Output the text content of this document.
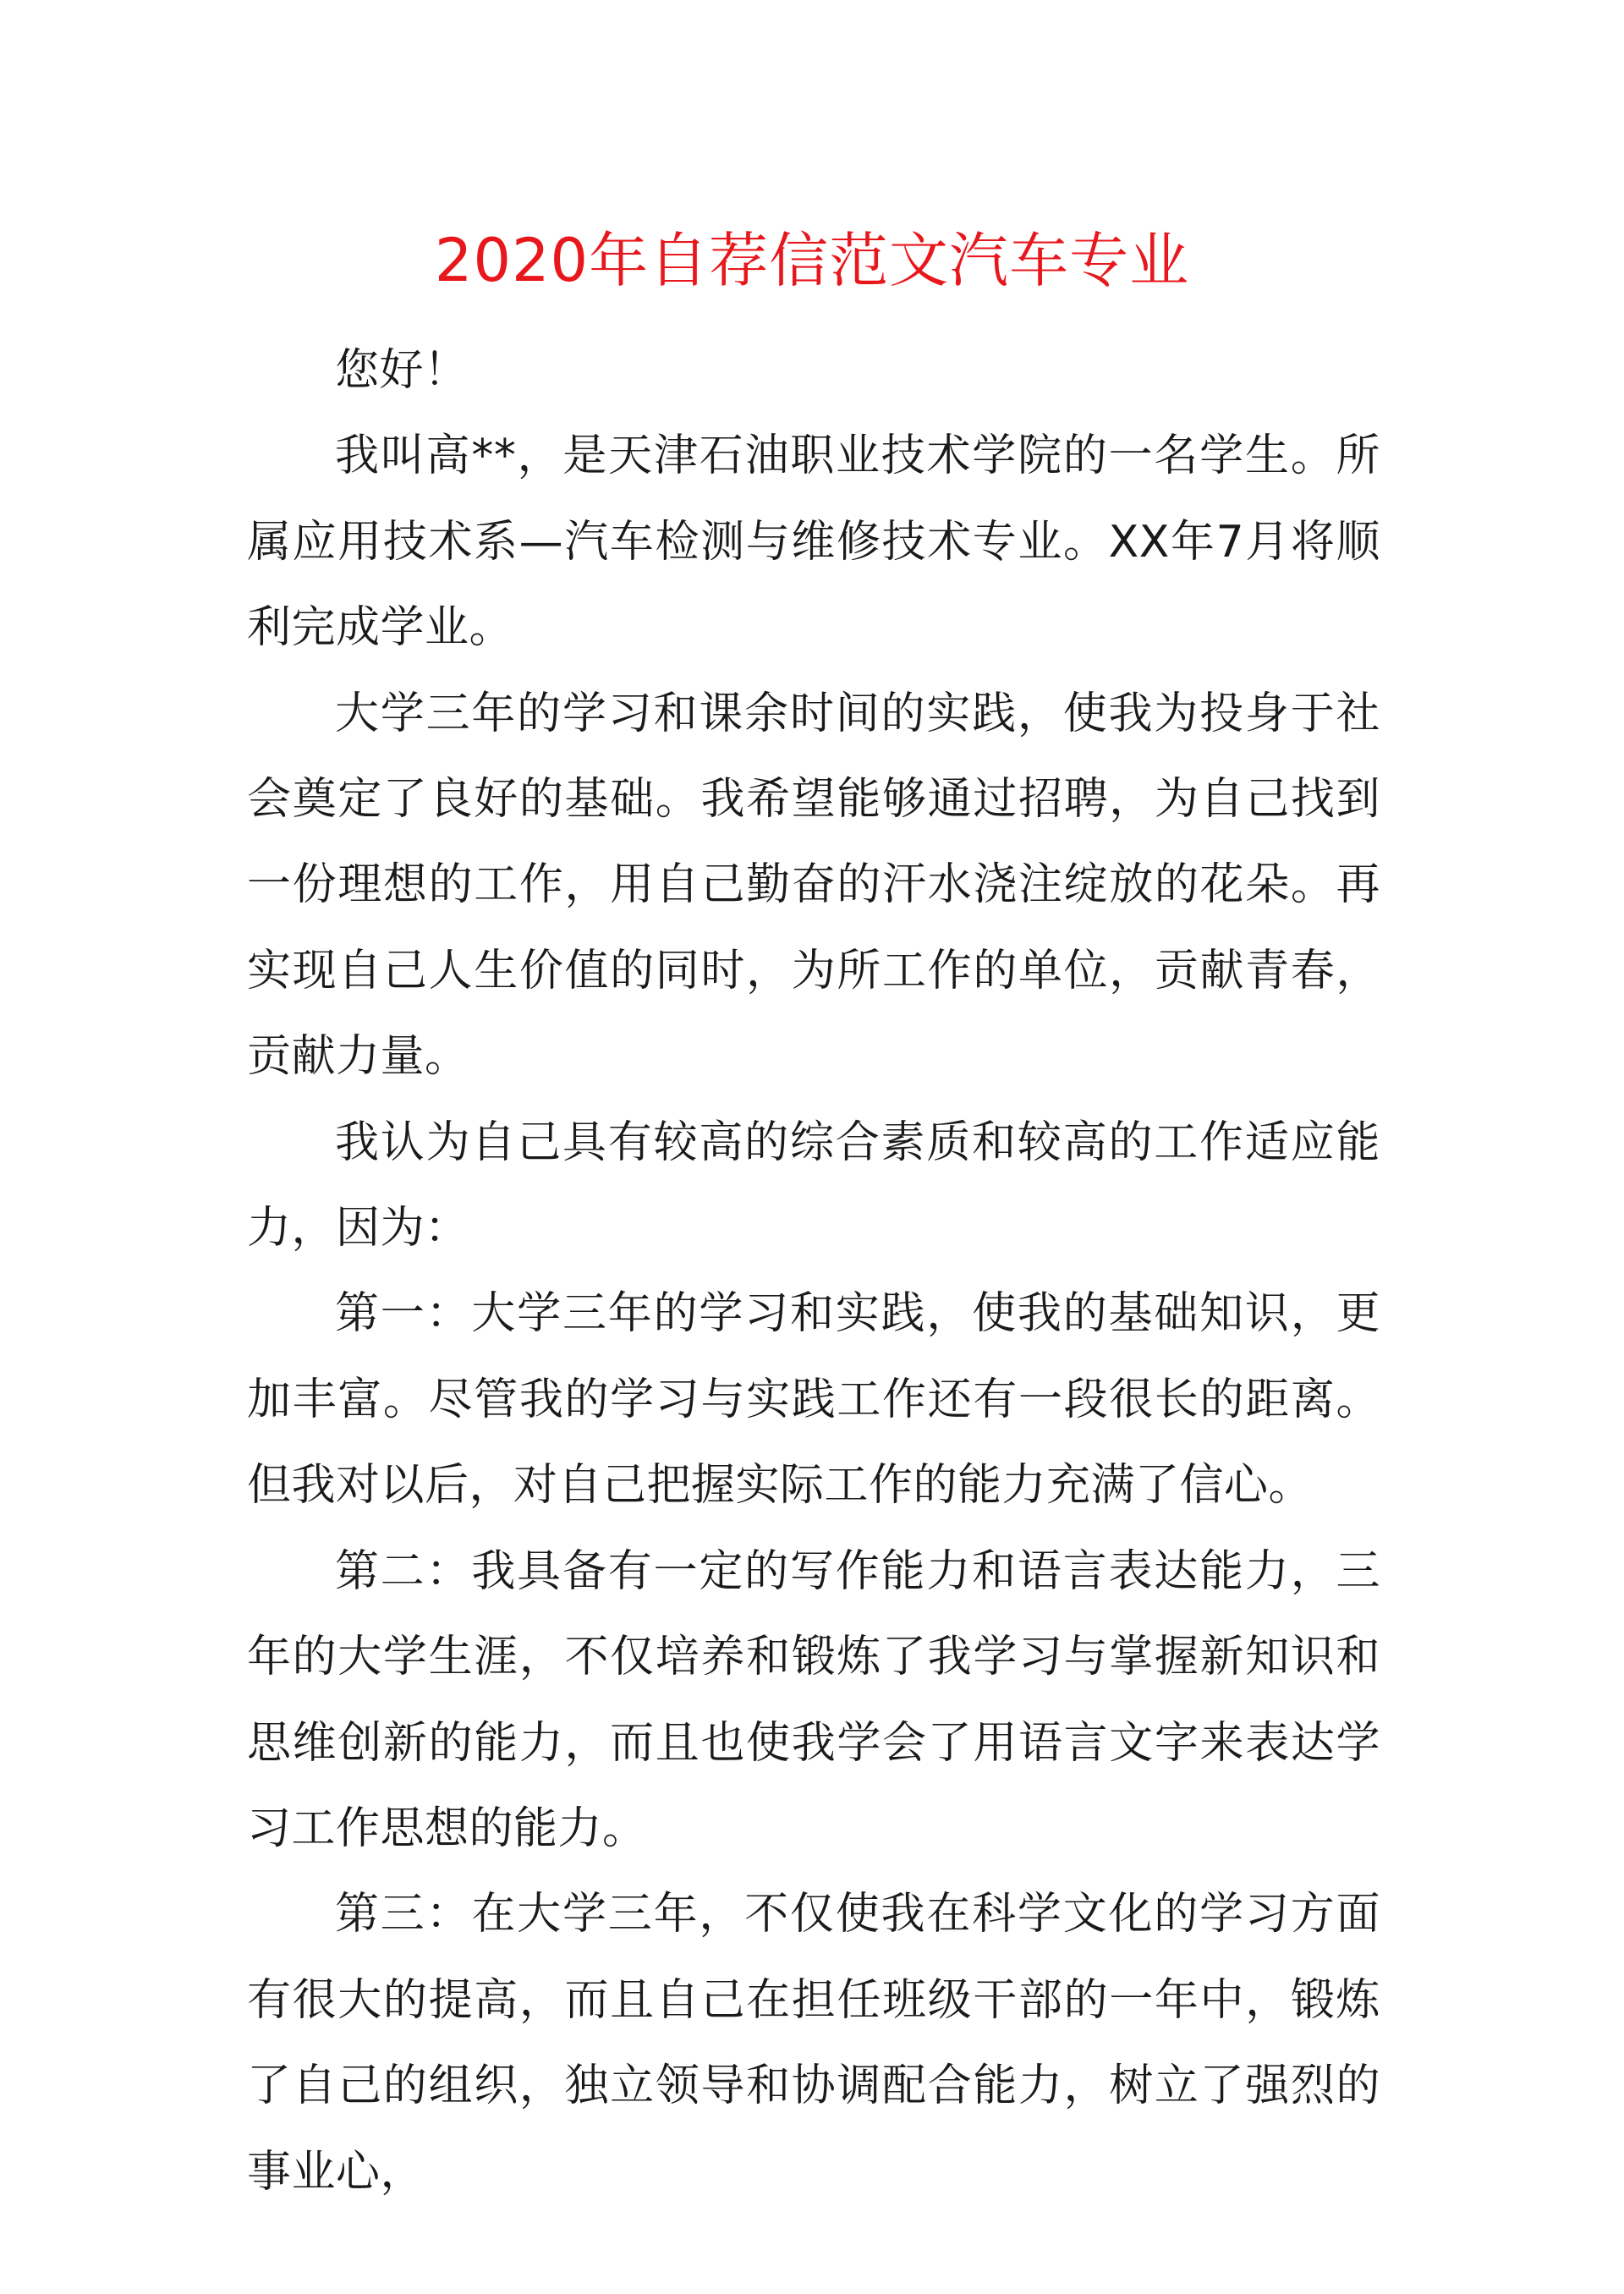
2020年自荐信范文汽车专业

您好！

我叫高**，是天津石油职业技术学院的一名学生。所属应用技术系—汽车检测与维修技术专业。XX年7月将顺利完成学业。

大学三年的学习和课余时间的实践，使我为投身于社会奠定了良好的基础。我希望能够通过招聘，为自己找到一份理想的工作，用自己勤奋的汗水浇注绽放的花朵。再实现自己人生价值的同时，为所工作的单位，贡献青春，贡献力量。

我认为自己具有较高的综合素质和较高的工作适应能力，因为：

第一：大学三年的学习和实践，使我的基础知识，更加丰富。尽管我的学习与实践工作还有一段很长的距离。但我对以后，对自己把握实际工作的能力充满了信心。

第二：我具备有一定的写作能力和语言表达能力，三年的大学生涯，不仅培养和锻炼了我学习与掌握新知识和思维创新的能力，而且也使我学会了用语言文字来表达学习工作思想的能力。

第三：在大学三年，不仅使我在科学文化的学习方面有很大的提高，而且自己在担任班级干部的一年中，锻炼了自己的组织，独立领导和协调配合能力，树立了强烈的事业心，
